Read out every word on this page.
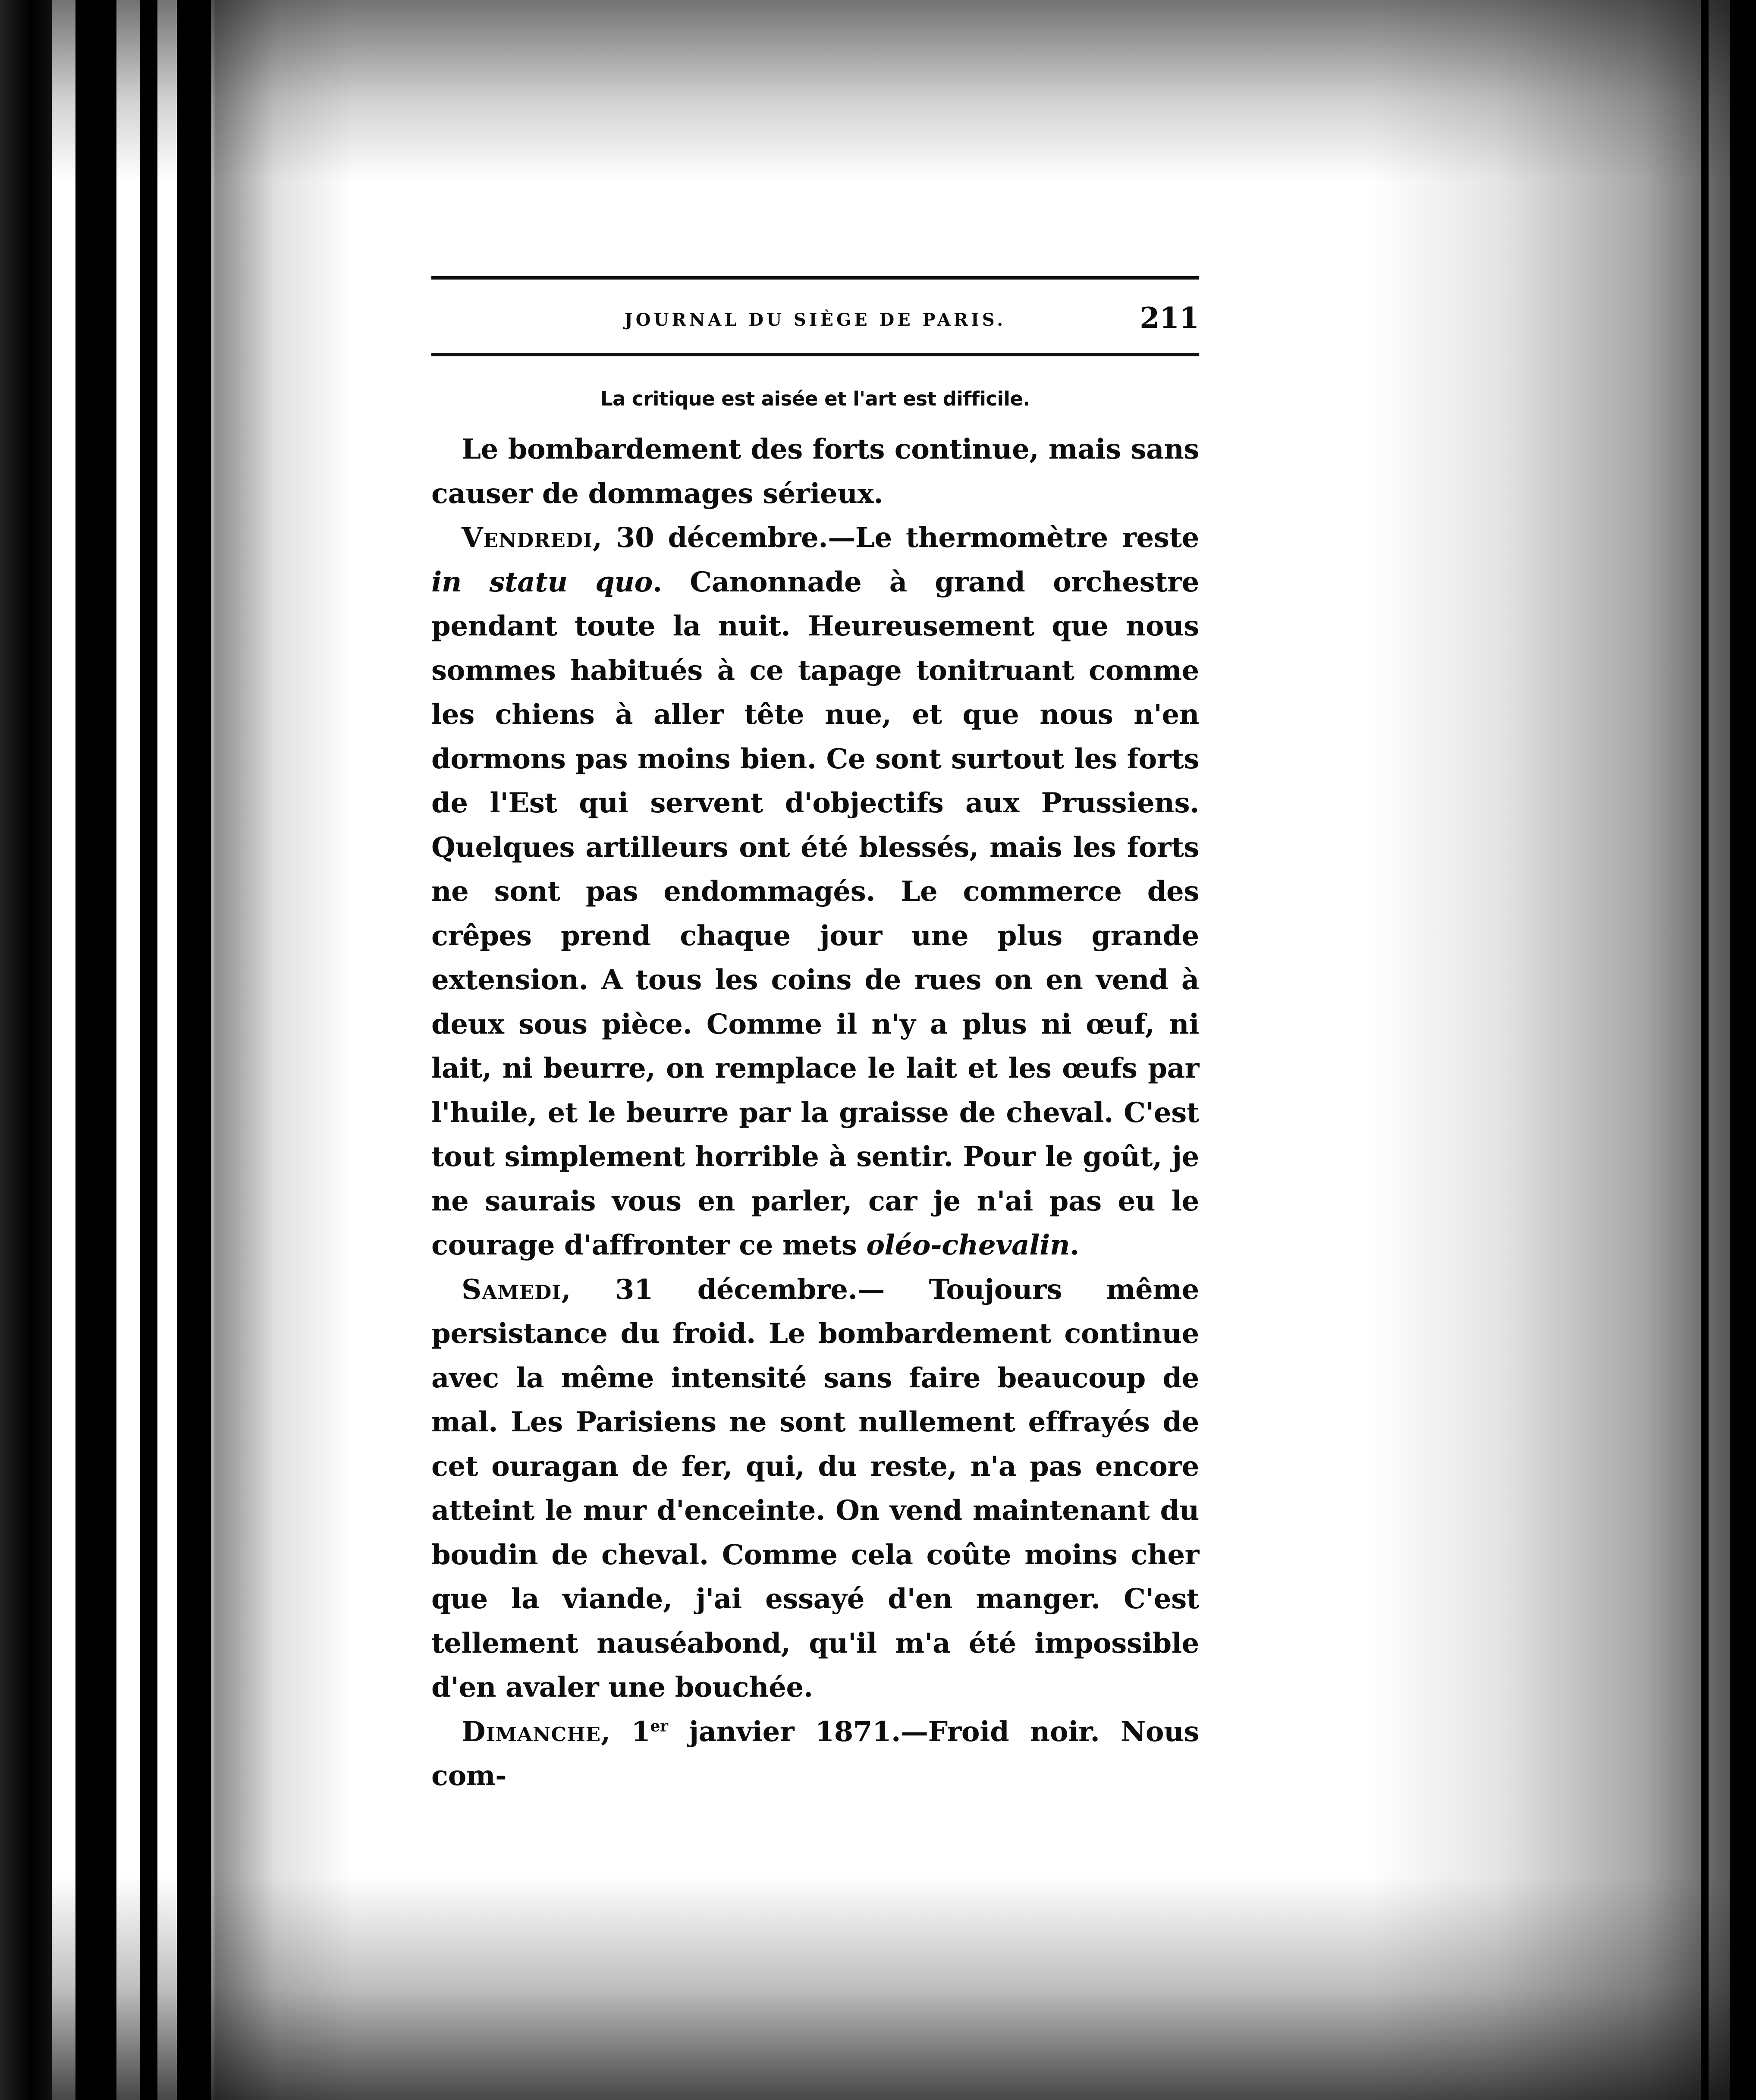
JOURNAL DU SIÈGE DE PARIS.	211
La critique est aisée et l'art est difficile.

Le bombardement des forts continue, mais sans causer de dommages sérieux.

Vendredi, 30 décembre.—Le thermomètre reste in statu quo. Canonnade à grand orchestre pendant toute la nuit. Heureusement que nous sommes habitués à ce tapage tonitruant comme les chiens à aller tête nue, et que nous n'en dormons pas moins bien. Ce sont surtout les forts de l'Est qui servent d'objectifs aux Prussiens. Quelques artilleurs ont été blessés, mais les forts ne sont pas endommagés. Le commerce des crêpes prend chaque jour une plus grande extension. A tous les coins de rues on en vend à deux sous pièce. Comme il n'y a plus ni œuf, ni lait, ni beurre, on remplace le lait et les œufs par l'huile, et le beurre par la graisse de cheval. C'est tout simplement horrible à sentir. Pour le goût, je ne saurais vous en parler, car je n'ai pas eu le courage d'affronter ce mets oléo-chevalin.

Samedi, 31 décembre.— Toujours même persistance du froid. Le bombardement continue avec la même intensité sans faire beaucoup de mal. Les Parisiens ne sont nullement effrayés de cet ouragan de fer, qui, du reste, n'a pas encore atteint le mur d'enceinte. On vend maintenant du boudin de cheval. Comme cela coûte moins cher que la viande, j'ai essayé d'en manger. C'est tellement nauséabond, qu'il m'a été impossible d'en avaler une bouchée.

Dimanche, 1er janvier 1871.—Froid noir. Nous com-
